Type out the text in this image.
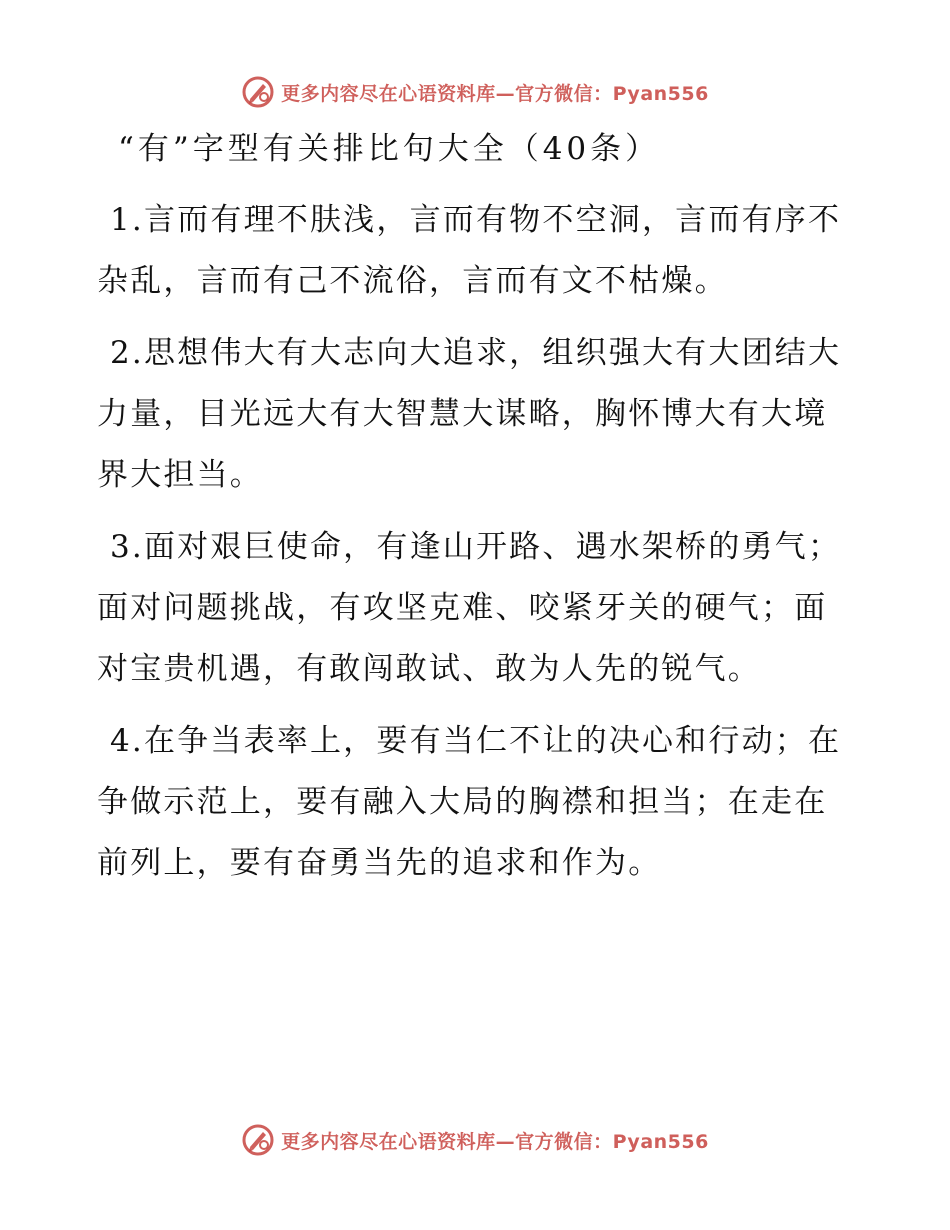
更多内容尽在心语资料库—官方微信：Pyan556
“有”字型有关排比句大全（40条）

1.言而有理不肤浅，言而有物不空洞，言而有序不杂乱，言而有己不流俗，言而有文不枯燥。

2.思想伟大有大志向大追求，组织强大有大团结大力量，目光远大有大智慧大谋略，胸怀博大有大境界大担当。

3.面对艰巨使命，有逢山开路、遇水架桥的勇气；面对问题挑战，有攻坚克难、咬紧牙关的硬气；面对宝贵机遇，有敢闯敢试、敢为人先的锐气。

4.在争当表率上，要有当仁不让的决心和行动；在争做示范上，要有融入大局的胸襟和担当；在走在前列上，要有奋勇当先的追求和作为。

更多内容尽在心语资料库—官方微信：Pyan556
